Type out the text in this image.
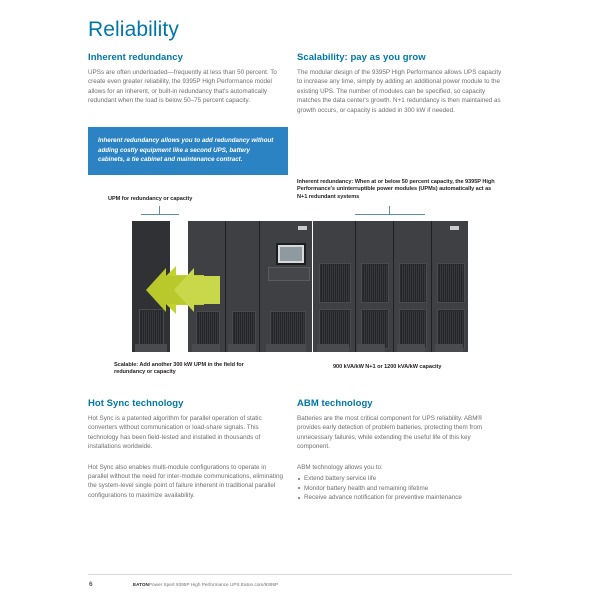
Reliability
Inherent redundancy

UPSs are often underloaded—frequently at less than 50 percent. To create even greater reliability, the 9395P High Performance model allows for an inherent, or built-in redundancy that's automatically redundant when the load is below 50–75 percent capacity.

Scalability: pay as you grow

The modular design of the 9395P High Performance allows UPS capacity to increase any time, simply by adding an additional power module to the existing UPS. The number of modules can be specified, so capacity matches the data center's growth. N+1 redundancy is then maintained as growth occurs, or capacity is added in 300 kW if needed.

Inherent redundancy allows you to add redundancy without adding costly equipment like a second UPS, battery cabinets, a tie cabinet and maintenance contract.

UPM for redundancy or capacity
Inherent redundancy: When at or below 50 percent capacity, the 9395P High Performance's uninterruptible power modules (UPMs) automatically act as N+1 redundant systems
Scalable: Add another 300 kW UPM in the field for redundancy or capacity
900 kVA/kW N+1 or 1200 kVA/kW capacity
Hot Sync technology

Hot Sync is a patented algorithm for parallel operation of static converters without communication or load-share signals. This technology has been field-tested and installed in thousands of installations worldwide.

Hot Sync also enables multi-module configurations to operate in parallel without the need for inter-module communications, eliminating the system-level single point of failure inherent in traditional parallel configurations to maximize availability.

ABM technology

Batteries are the most critical component for UPS reliability. ABM® provides early detection of problem batteries, protecting them from unnecessary failures, while extending the useful life of this key component.

ABM technology allows you to:

Extend battery service life
Monitor battery health and remaining lifetime
Receive advance notification for preventive maintenance
6	EATONPower Xpert 9395P High Performance UPS Eaton.com/9395P
